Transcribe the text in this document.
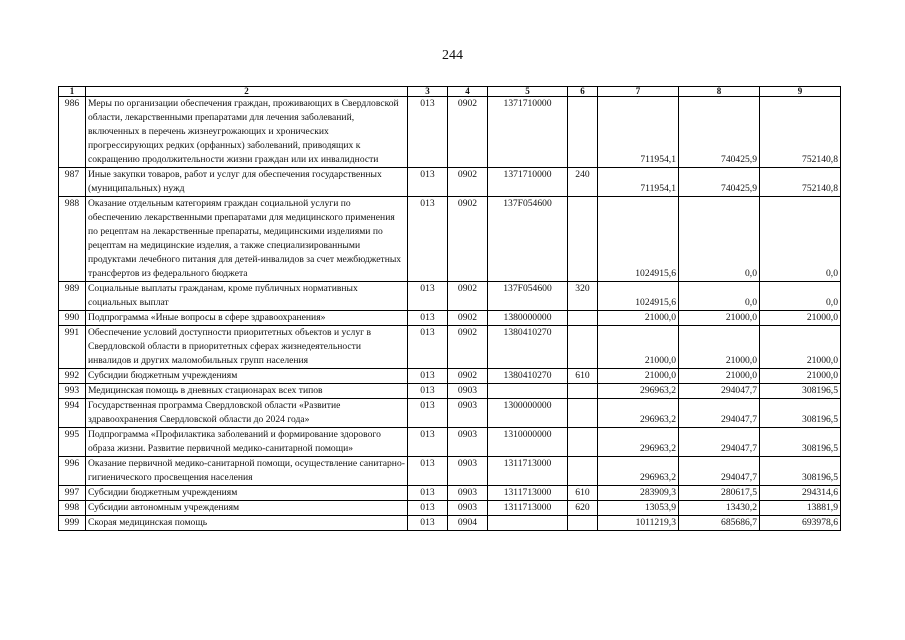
244
1	2	3	4	5	6	7	8	9
986	Меры по организации обеспечения граждан, проживающих в Свердловской области, лекарственными препаратами для лечения заболеваний, включенных в перечень жизнеугрожающих и хронических прогрессирующих редких (орфанных) заболеваний, приводящих к сокращению продолжительности жизни граждан или их инвалидности	013	0902	1371710000		711954,1	740425,9	752140,8
987	Иные закупки товаров, работ и услуг для обеспечения государственных (муниципальных) нужд	013	0902	1371710000	240	711954,1	740425,9	752140,8
988	Оказание отдельным категориям граждан социальной услуги по обеспечению лекарственными препаратами для медицинского применения по рецептам на лекарственные препараты, медицинскими изделиями по рецептам на медицинские изделия, а также специализированными продуктами лечебного питания для детей-инвалидов за счет межбюджетных трансфертов из федерального бюджета	013	0902	137F054600		1024915,6	0,0	0,0
989	Социальные выплаты гражданам, кроме публичных нормативных социальных выплат	013	0902	137F054600	320	1024915,6	0,0	0,0
990	Подпрограмма «Иные вопросы в сфере здравоохранения»	013	0902	1380000000		21000,0	21000,0	21000,0
991	Обеспечение условий доступности приоритетных объектов и услуг в Свердловской области в приоритетных сферах жизнедеятельности инвалидов и других маломобильных групп населения	013	0902	1380410270		21000,0	21000,0	21000,0
992	Субсидии бюджетным учреждениям	013	0902	1380410270	610	21000,0	21000,0	21000,0
993	Медицинская помощь в дневных стационарах всех типов	013	0903			296963,2	294047,7	308196,5
994	Государственная программа Свердловской области «Развитие здравоохранения Свердловской области до 2024 года»	013	0903	1300000000		296963,2	294047,7	308196,5
995	Подпрограмма «Профилактика заболеваний и формирование здорового образа жизни. Развитие первичной медико-санитарной помощи»	013	0903	1310000000		296963,2	294047,7	308196,5
996	Оказание первичной медико-санитарной помощи, осуществление санитарно-гигиенического просвещения населения	013	0903	1311713000		296963,2	294047,7	308196,5
997	Субсидии бюджетным учреждениям	013	0903	1311713000	610	283909,3	280617,5	294314,6
998	Субсидии автономным учреждениям	013	0903	1311713000	620	13053,9	13430,2	13881,9
999	Скорая медицинская помощь	013	0904			1011219,3	685686,7	693978,6
